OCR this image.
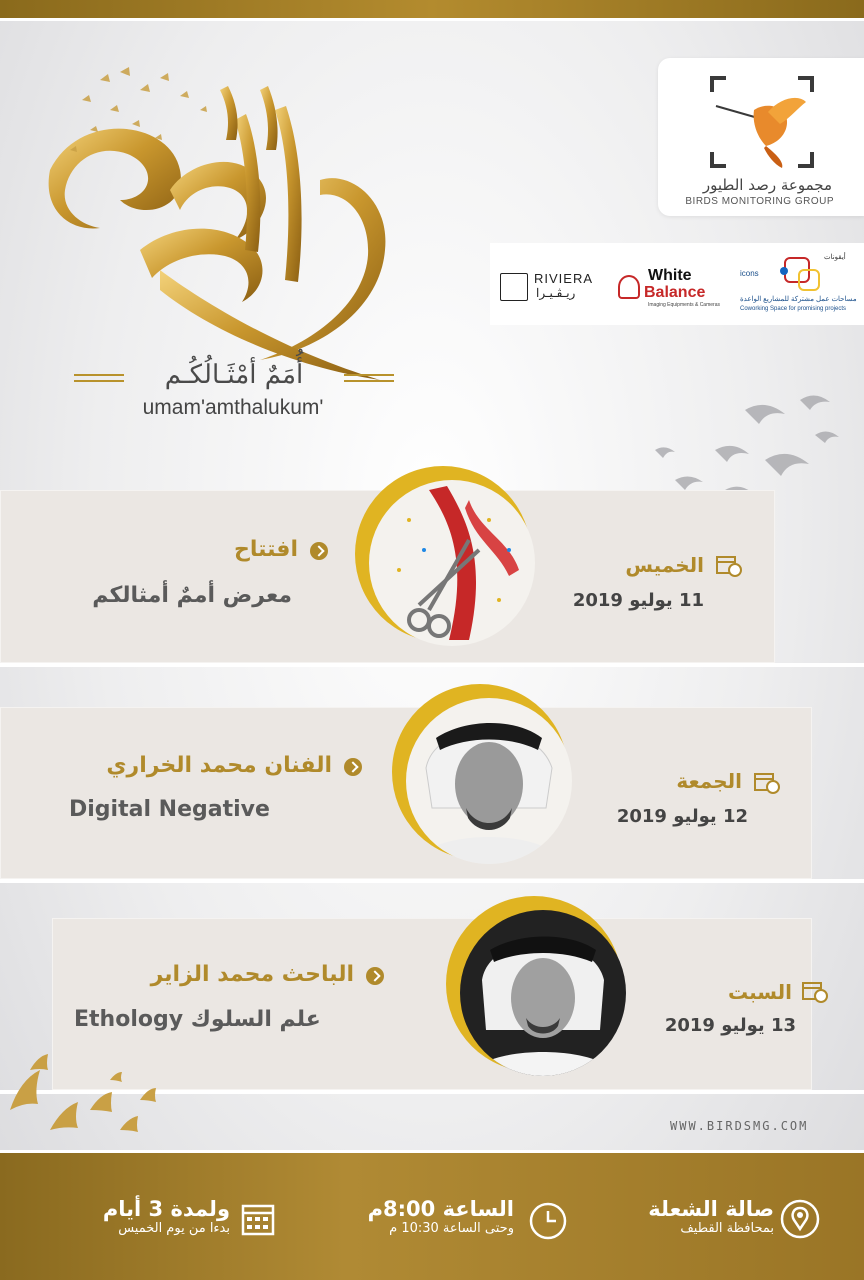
أُمَمٌ أمْثَـالُكُـم
umam'amthalukum'
مجموعة رصد الطيور
BIRDS MONITORING GROUP
RIVIERA
ريـڤـيـرا
White
Balance
Imaging Equipments & Cameras
icons
أيقونات
مساحات عمل مشتركة للمشاريع الواعدة
Coworking Space for promising projects
الخميس
11 يوليو 2019
افتتاح
معرض أممٌ أمثالكم
الجمعة
12 يوليو 2019
الفنان محمد الخراري
Digital Negative
السبت
13 يوليو 2019
الباحث محمد الزاير
Ethology علم السلوك
WWW.BIRDSMG.COM
صالة الشعلة
بمحافظة القطيف
الساعة 8:00م
وحتى الساعة 10:30 م
ولمدة 3 أيام
بدءا من يوم الخميس
